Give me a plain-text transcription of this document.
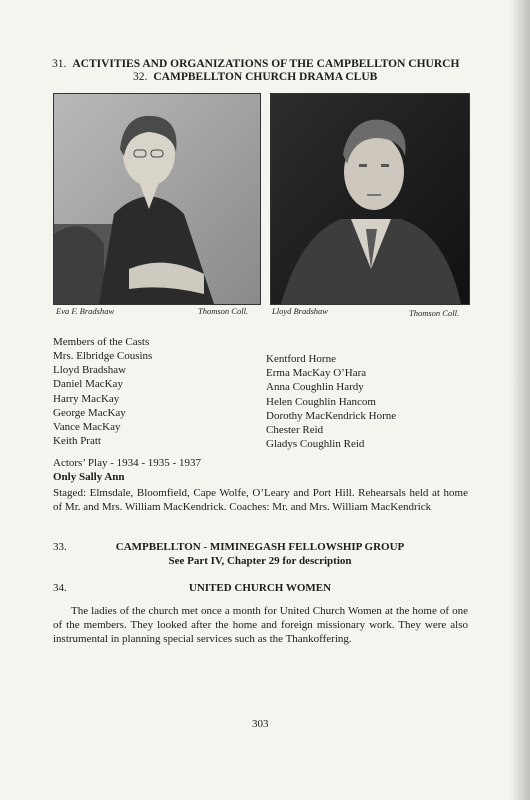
31. ACTIVITIES AND ORGANIZATIONS OF THE CAMPBELLTON CHURCH
32. CAMPBELLTON CHURCH DRAMA CLUB
Eva F. Bradshaw	Thomson Coll.	Lloyd Bradshaw	Thomson Coll.
Members of the Casts
Mrs. Elbridge Cousins
Lloyd Bradshaw
Daniel MacKay
Harry MacKay
George MacKay
Vance MacKay
Keith Pratt
Kentford Horne
Erma MacKay O’Hara
Anna Coughlin Hardy
Helen Coughlin Hancom
Dorothy MacKendrick Horne
Chester Reid
Gladys Coughlin Reid
Actors’ Play - 1934 - 1935 - 1937
Only Sally Ann
Staged: Elmsdale, Bloomfield, Cape Wolfe, O’Leary and Port Hill. Rehearsals held at home of Mr. and Mrs. William MacKendrick. Coaches: Mr. and Mrs. William MacKendrick
33.	CAMPBELLTON - MIMINEGASH FELLOWSHIP GROUP
See Part IV, Chapter 29 for description
34.	UNITED CHURCH WOMEN
The ladies of the church met once a month for United Church Women at the home of one of the members. They looked after the home and foreign missionary work. They were also instrumental in planning special services such as the Thankoffering.
303
